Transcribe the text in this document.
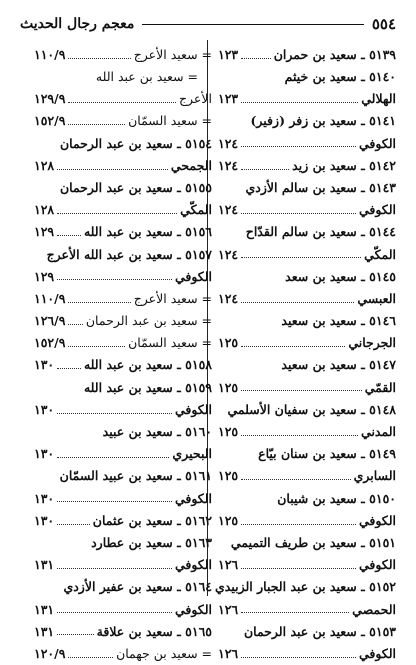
٥٥٤
معجم رجال الحديث
٥١٣٩ ـ سعيد بن حمران
١٢٣
٥١٤٠ ـ سعيد بن خيثم
الهلالي
١٢٣
٥١٤١ ـ سعيد بن زفر (زفير)
الكوفي
١٢٤
٥١٤٢ ـ سعيد بن زيد
١٢٤
٥١٤٣ ـ سعيد بن سالم الأزدي
الكوفي
١٢٤
٥١٤٤ ـ سعيد بن سالم القدّاح
المكّي
١٢٤
٥١٤٥ ـ سعيد بن سعد
العبسي
١٢٤
٥١٤٦ ـ سعيد بن سعيد
الجرجاني
١٢٥
٥١٤٧ ـ سعيد بن سعيد
القمّي
١٢٥
٥١٤٨ ـ سعيد بن سفيان الأسلمي
المدني
١٢٥
٥١٤٩ ـ سعيد بن سنان بيّاع
السابري
١٢٥
٥١٥٠ ـ سعيد بن شيبان
الكوفي
١٢٥
٥١٥١ ـ سعيد بن طريف التميمي
الكوفي
١٢٦
٥١٥٢ ـ سعيد بن عبد الجبار الزبيدي
الحمصي
١٢٦
٥١٥٣ ـ سعيد بن عبد الرحمان
الكوفي
١٢٦
= سعيد الأعرج
١١٠/٩
= سعيد بن عبد الله
الأعرج
١٢٩/٩
= سعيد السمّان
١٥٢/٩
٥١٥٤ ـ سعيد بن عبد الرحمان
الجمحي
١٢٨
٥١٥٥ ـ سعيد بن عبد الرحمان
المكّي
١٢٨
٥١٥٦ ـ سعيد بن عبد الله
١٢٩
٥١٥٧ ـ سعيد بن عبد الله الأعرج
الكوفي
١٢٩
= سعيد الأعرج
١١٠/٩
= سعيد بن عبد الرحمان
١٢٦/٩
= سعيد السمّان
١٥٢/٩
٥١٥٨ ـ سعيد بن عبد الله
١٣٠
٥١٥٩ ـ سعيد بن عبد الله
الكوفي
١٣٠
٥١٦٠ ـ سعيد بن عبيد
البحيري
١٣٠
٥١٦١ ـ سعيد بن عبيد السمّان
الكوفي
١٣٠
٥١٦٢ ـ سعيد بن عثمان
١٣٠
٥١٦٣ ـ سعيد بن عطارد
الكوفي
١٣١
٥١٦٤ ـ سعيد بن عفير الأزدي
الكوفي
١٣١
٥١٦٥ ـ سعيد بن علاقة
١٣١
= سعيد بن جهمان
١٢٠/٩
